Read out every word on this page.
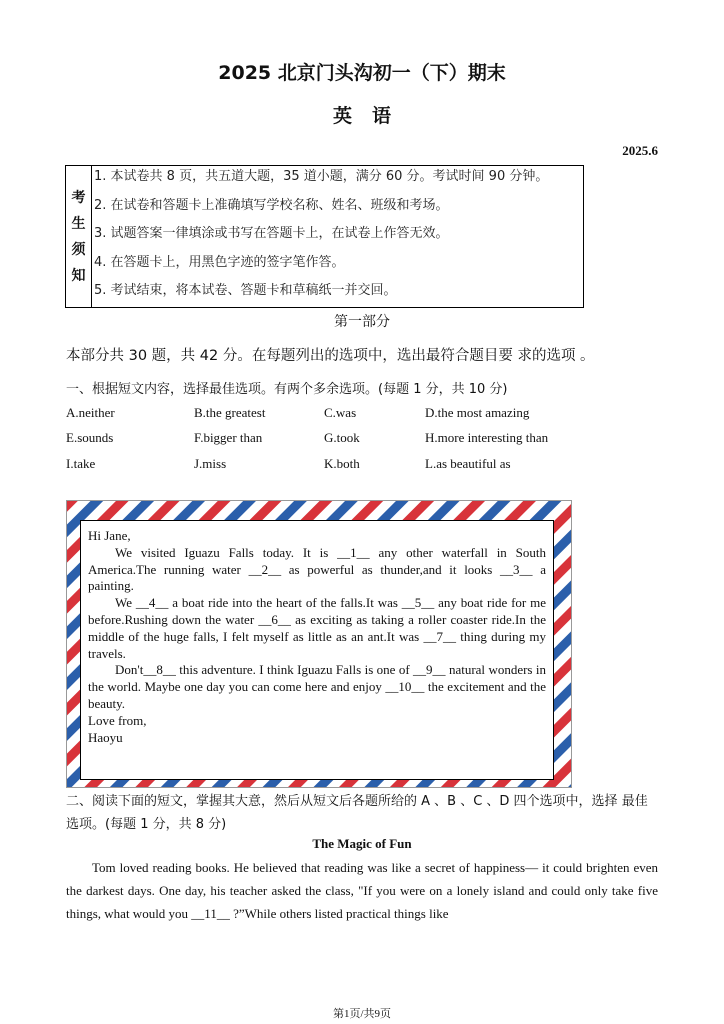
2025 北京门头沟初一（下）期末
英语
2025.6
考
生
须
知
1. 本试卷共 8 页，共五道大题，35 道小题，满分 60 分。考试时间 90 分钟。
2. 在试卷和答题卡上准确填写学校名称、姓名、班级和考场。
3. 试题答案一律填涂或书写在答题卡上，在试卷上作答无效。
4. 在答题卡上，用黑色字迹的签字笔作答。
5. 考试结束，将本试卷、答题卡和草稿纸一并交回。
第一部分
本部分共 30 题，共 42 分。在每题列出的选项中，选出最符合题目要 求的选项 。
一、根据短文内容，选择最佳选项。有两个多余选项。(每题 1 分，共 10 分)
A.neither	B.the greatest	C.was	D.the most amazing
E.sounds	F.bigger than	G.took	H.more interesting than
I.take	J.miss	K.both	L.as beautiful as

Hi Jane,

We visited Iguazu Falls today. It is __1__ any other waterfall in South America.The running water __2__ as powerful as thunder,and it looks __3__ a painting.

We __4__ a boat ride into the heart of the falls.It was __5__ any boat ride for me before.Rushing down the water __6__ as exciting as taking a roller coaster ride.In the middle of the huge falls, I felt myself as little as an ant.It was __7__ thing during my travels.

Don't__8__ this adventure. I think Iguazu Falls is one of __9__ natural wonders in the world. Maybe one day you can come here and enjoy __10__ the excitement and the beauty.

Love from,

Haoyu

二、阅读下面的短文，掌握其大意，然后从短文后各题所给的 A 、B 、C 、D 四个选项中，选择 最佳选项。(每题 1 分，共 8 分)
The Magic of Fun

Tom loved reading books. He believed that reading was like a secret of happiness— it could brighten even the darkest days. One day, his teacher asked the class, "If you were on a lonely island and could only take five things, what would you __11__ ?”While others listed practical things like

第1页/共9页
